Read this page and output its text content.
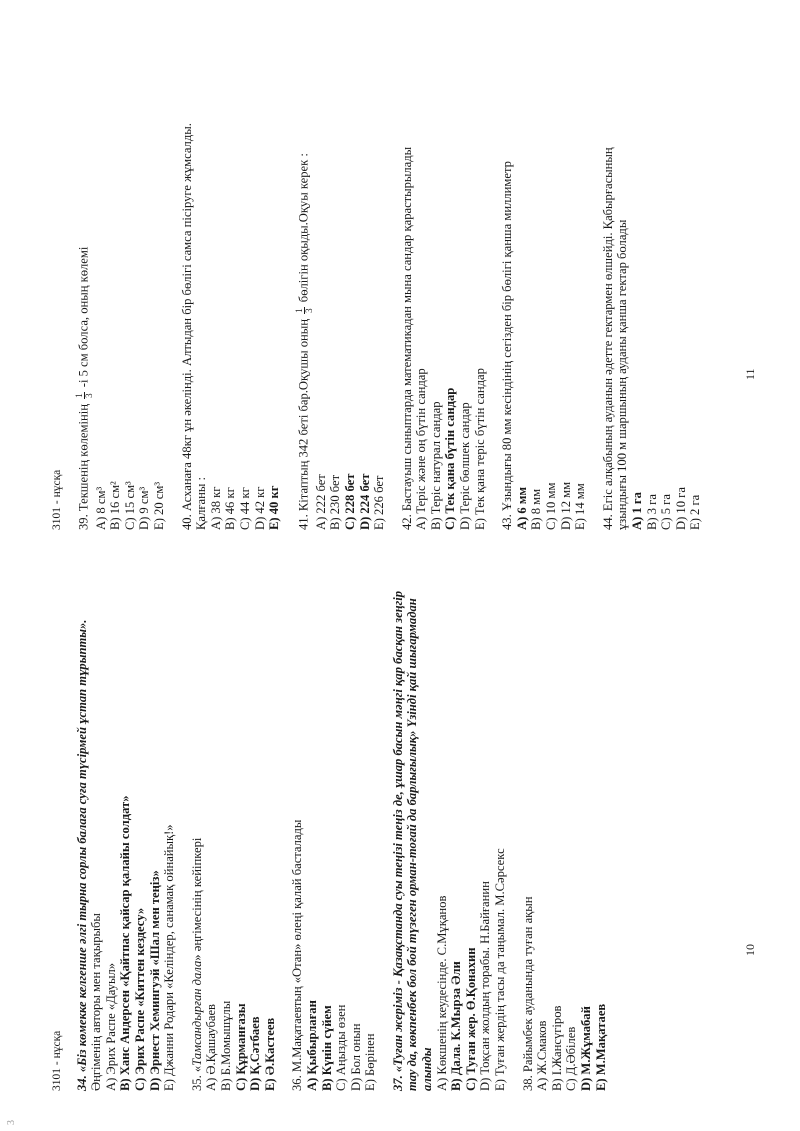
3
3101 - нұсқа 34. «Біз көмекке келгенше әлгі тырна сорлы балаға суға түсірмей ұстап тұрыпты». Әңгіменің авторы мен тақырыбы A) Эрих Распе «Дауыл» B) Ханс Андерсен «Қайтпас қайсар қалайы солдат» C) Эрих Распе «Киттен кездесу» D) Эрнест Хемингуэй «Шал мен теңіз» E) Джанни Родари «Келіндер, санамақ ойнайық!» 35. «Тамсандырған дала» әңгімесінің кейіпкері
A) Ә.Қашаубаев B) Б.Момышұлы C) Құрманғазы D) Қ.Сәтбаев E) Ә.Кастеев 36. М.Мақатаевтың «Отан» өлеңі қалай басталады A) Қыбырлаған B) Күнін сүйем C) Аңызды өзен D) Бол онын E) Бөрінен 37. «Туған жеріміз - Қазақстанда суы теңізі теңіз де, ұшар басын мәңгі қар басқан зеңгір тау да, көкпенбек бол бой түзеген орман-тоғай да барлығылық» Үзінді қай шығармадан алынды A) Көкшенің кеудесінде. С.Мұқанов B) Дала. К.Мырза Әли C) Туған жер. Ө.Қонахин D) Тоқсан жолдың торабы. Н.Байғанин E) Туған жердің тасы да таңымал. М.Сәрсекс 38. Райымбек ауданында туған ақын A) Ж.Смаков B) І.Жансүгіров C) Д.Әбілев D) М.Жұмабай E) М.Мақатаев
10
3101 - нұсқа 39. Текшенің көлемінің
1 3
-і 5 см болса, оның көлемі
A) 8 см³ B) 16 см² C) 15 см³ D) 9 см³ E) 20 см³ 40. Асханаға 48кг ұн әкелінді. Алтыдан бір бөлігі самса пісіруге жұмсалды. Қалғаны : A) 38 кг B) 46 кг C) 44 кг D) 42 кг E) 40 кг 41. Кітаптың 342 беті бар.Оқушы оның
1 3
бөлігін оқыды.Оқуы керек :
A) 222 бет B) 230 бет C) 228 бет D) 224 бет E) 226 бет 42. Бастауыш сыныптарда математикадан мына сандар қарастырылады A) Теріс және оң бүтін сандар B) Теріс натурал сандар C) Тек қана бүтін сандар D) Теріс бөлшек сандар E) Тек қана теріс бүтін сандар 43. Ұзындығы 80 мм кесіндінің сегізден бір бөлігі қанша миллиметр A) 6 мм B) 8 мм C) 10 мм D) 12 мм E) 14 мм 44. Егіс алқабының ауданын әдетте гектармен өлшейді. Қабырғасының ұзындығы 100 м шаршының ауданы қанша гектар болады A) 1 га B) 3 га C) 5 га D) 10 га E) 2 га
11
